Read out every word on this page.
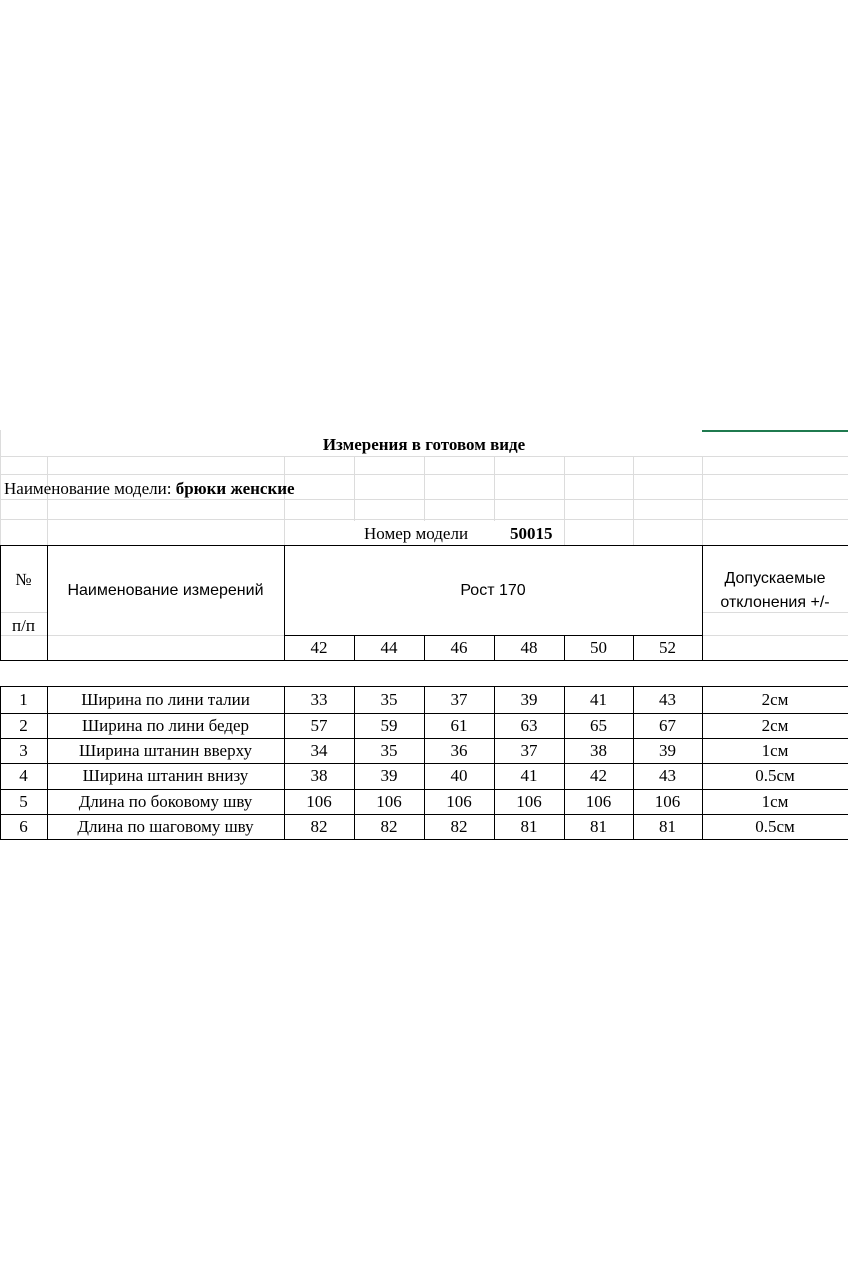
Измерения в готовом виде
Наименование модели: брюки женские
Номер модели 50015
№
п/п
Наименование измерений	Рост 170
Допускаемые
отклонения +/-
42	44	46	48	50	52
1	Ширина по лини талии	33	35	37	39	41	43	2см
2	Ширина по лини бедер	57	59	61	63	65	67	2см
3	Ширина штанин вверху	34	35	36	37	38	39	1см
4	Ширина штанин внизу	38	39	40	41	42	43	0.5см
5	Длина по боковому шву	106	106	106	106	106	106	1см
6	Длина по шаговому шву	82	82	82	81	81	81	0.5см
